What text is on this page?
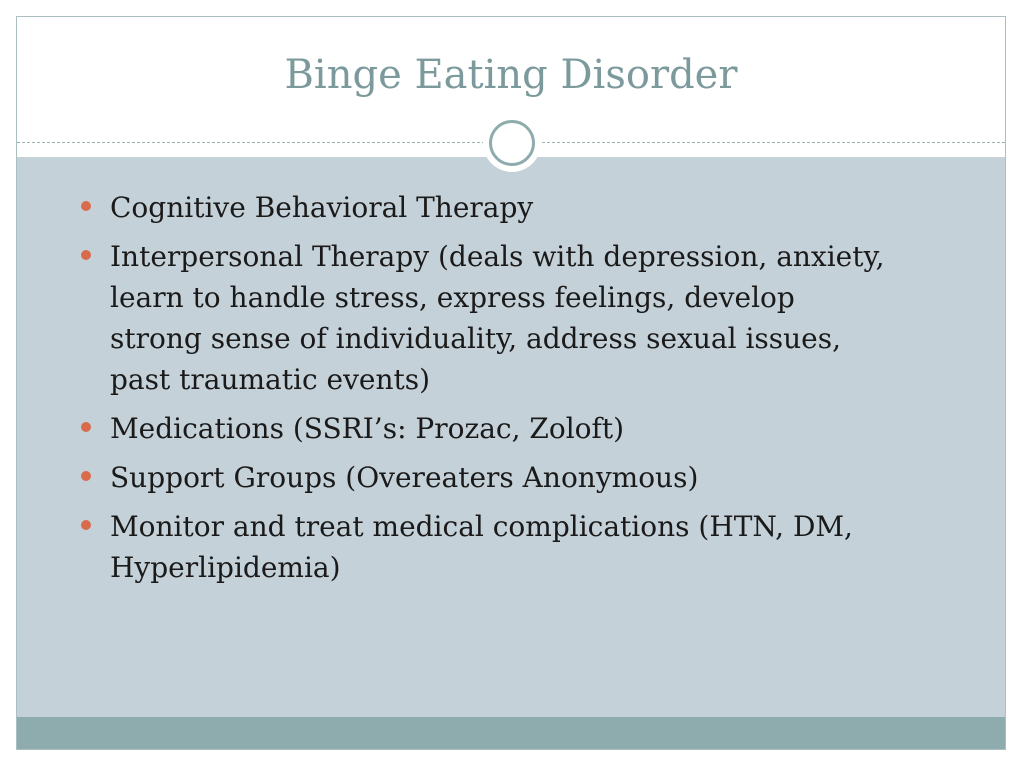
Binge Eating Disorder
Cognitive Behavioral Therapy
Interpersonal Therapy (deals with depression, anxiety, learn to handle stress, express feelings, develop strong sense of individuality, address sexual issues, past traumatic events)
Medications (SSRI’s: Prozac, Zoloft)
Support Groups (Overeaters Anonymous)
Monitor and treat medical complications (HTN, DM, Hyperlipidemia)
